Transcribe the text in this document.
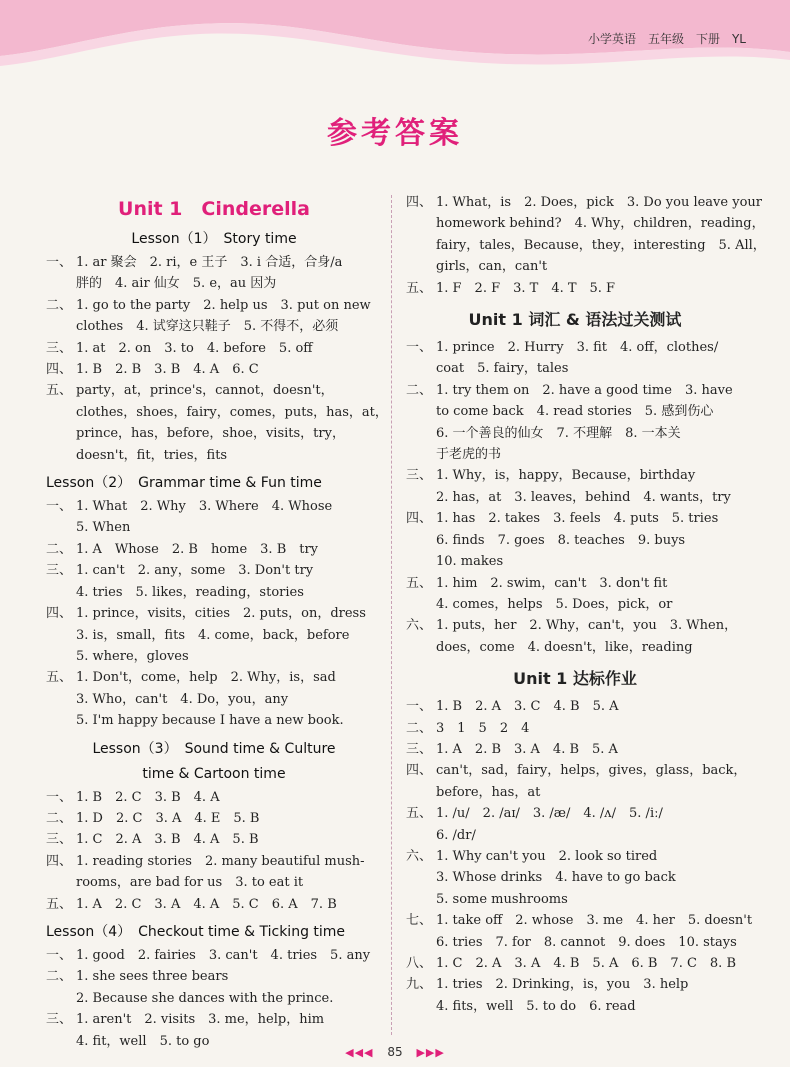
小学英语　五年级　下册　YL
参考答案
Unit 1　Cinderella
Lesson（1）　Story time
一、 1. ar 聚会　2. ri，e 王子　3. i 合适，合身/a
胖的　4. air 仙女　5. e，au 因为
二、 1. go to the party　2. help us　3. put on new
clothes　4. 试穿这只鞋子　5. 不得不，必须
三、 1. at　2. on　3. to　4. before　5. off
四、 1. B　2. B　3. B　4. A　6. C
五、 party，at，prince's，cannot，doesn't，
clothes，shoes，fairy，comes，puts，has，at，
prince，has，before，shoe，visits，try，
doesn't，fit，tries，fits
Lesson（2）　Grammar time & Fun time
一、 1. What　2. Why　3. Where　4. Whose
5. When
二、 1. A　Whose　2. B　home　3. B　try
三、 1. can't　2. any，some　3. Don't try
4. tries　5. likes，reading，stories
四、 1. prince，visits，cities　2. puts，on，dress
3. is，small，fits　4. come，back，before
5. where，gloves
五、 1. Don't，come，help　2. Why，is，sad
3. Who，can't　4. Do，you，any
5. I'm happy because I have a new book.
Lesson（3）　Sound time & Culture
time & Cartoon time
一、 1. B　2. C　3. B　4. A
二、 1. D　2. C　3. A　4. E　5. B
三、 1. C　2. A　3. B　4. A　5. B
四、 1. reading stories　2. many beautiful mush-
rooms，are bad for us　3. to eat it
五、 1. A　2. C　3. A　4. A　5. C　6. A　7. B
Lesson（4）　Checkout time & Ticking time
一、 1. good　2. fairies　3. can't　4. tries　5. any
二、 1. she sees three bears
2. Because she dances with the prince.
三、 1. aren't　2. visits　3. me，help，him
4. fit，well　5. to go
四、 1. What，is　2. Does，pick　3. Do you leave your
homework behind?　4. Why，children，reading，
fairy，tales，Because，they，interesting　5. All，
girls，can，can't
五、 1. F　2. F　3. T　4. T　5. F
Unit 1 词汇 & 语法过关测试
一、 1. prince　2. Hurry　3. fit　4. off，clothes/
coat　5. fairy，tales
二、 1. try them on　2. have a good time　3. have
to come back　4. read stories　5. 感到伤心
6. 一个善良的仙女　7. 不理解　8. 一本关
于老虎的书
三、 1. Why，is，happy，Because，birthday
2. has，at　3. leaves，behind　4. wants，try
四、 1. has　2. takes　3. feels　4. puts　5. tries
6. finds　7. goes　8. teaches　9. buys
10. makes
五、 1. him　2. swim，can't　3. don't fit
4. comes，helps　5. Does，pick，or
六、 1. puts，her　2. Why，can't，you　3. When，
does，come　4. doesn't，like，reading
Unit 1 达标作业
一、 1. B　2. A　3. C　4. B　5. A
二、 3　1　5　2　4
三、 1. A　2. B　3. A　4. B　5. A
四、 can't，sad，fairy，helps，gives，glass，back，
before，has，at
五、 1. /u/　2. /aɪ/　3. /æ/　4. /ʌ/　5. /iː/
6. /dr/
六、 1. Why can't you　2. look so tired
3. Whose drinks　4. have to go back
5. some mushrooms
七、 1. take off　2. whose　3. me　4. her　5. doesn't
6. tries　7. for　8. cannot　9. does　10. stays
八、 1. C　2. A　3. A　4. B　5. A　6. B　7. C　8. B
九、 1. tries　2. Drinking，is，you　3. help
4. fits，well　5. to do　6. read
◀◀◀ 85 ▶▶▶
